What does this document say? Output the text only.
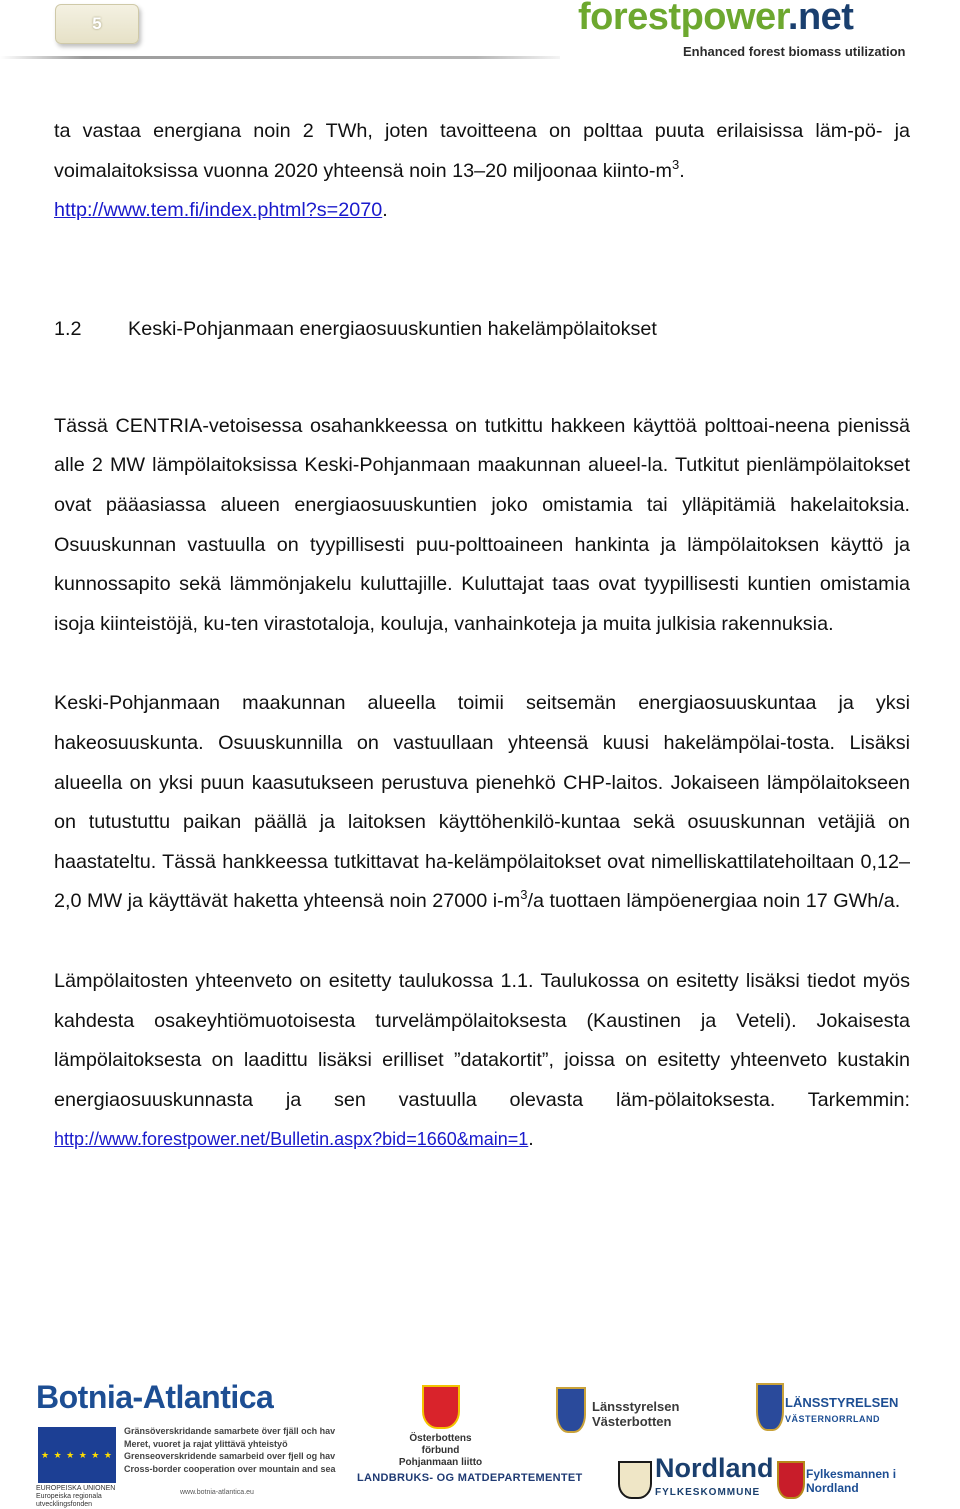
5	forestpower.net
Enhanced forest biomass utilization

ta vastaa energiana noin 2 TWh, joten tavoitteena on polttaa puuta erilaisissa läm-pö- ja voimalaitoksissa vuonna 2020 yhteensä noin 13–20 miljoonaa kiinto-$m^3$.
http://www.tem.fi/index.phtml?s=2070.

1.2 Keski-Pohjanmaan energiaosuuskuntien hakelämpölaitokset

Tässä CENTRIA-vetoisessa osahankkeessa on tutkittu hakkeen käyttöä polttoai-neena pienissä alle 2 MW lämpölaitoksissa Keski-Pohjanmaan maakunnan alueel-la. Tutkitut pienlämpölaitokset ovat pääasiassa alueen energiaosuuskuntien joko omistamia tai ylläpitämiä hakelaitoksia. Osuuskunnan vastuulla on tyypillisesti puu-polttoaineen hankinta ja lämpölaitoksen käyttö ja kunnossapito sekä lämmönjakelu kuluttajille. Kuluttajat taas ovat tyypillisesti kuntien omistamia isoja kiinteistöjä, ku-ten virastotaloja, kouluja, vanhainkoteja ja muita julkisia rakennuksia.

Keski-Pohjanmaan maakunnan alueella toimii seitsemän energiaosuuskuntaa ja yksi hakeosuuskunta. Osuuskunnilla on vastuullaan yhteensä kuusi hakelämpölai-tosta. Lisäksi alueella on yksi puun kaasutukseen perustuva pienehkö CHP-laitos. Jokaiseen lämpölaitokseen on tutustuttu paikan päällä ja laitoksen käyttöhenkilö-kuntaa sekä osuuskunnan vetäjiä on haastateltu. Tässä hankkeessa tutkittavat ha-kelämpölaitokset ovat nimelliskattilatehoiltaan 0,12–2,0 MW ja käyttävät haketta yhteensä noin 27000 $i-m^3/a$ tuottaen lämpöenergiaa noin 17 GWh/a.

Lämpölaitosten yhteenveto on esitetty taulukossa 1.1. Taulukossa on esitetty lisäksi tiedot myös kahdesta osakeyhtiömuotoisesta turvelämpölaitoksesta (Kaustinen ja Veteli). Jokaisesta lämpölaitoksesta on laadittu lisäksi erilliset ”datakortit”, joissa on esitetty yhteenveto kustakin energiaosuuskunnasta ja sen vastuulla olevasta läm-pölaitoksesta. Tarkemmin: http://www.forestpower.net/Bulletin.aspx?bid=1660&main=1.

Botnia-Atlantica
★ ★ ★ ★ ★ ★
EUROPEISKA UNIONEN Europeiska regionala utvecklingsfonden
Gränsöverskridande samarbete över fjäll och hav Meret, vuoret ja rajat ylittävä yhteistyö Grenseoverskridende samarbeid over fjell og hav Cross-border cooperation over mountain and sea
www.botnia-atlantica.eu
Österbottens förbund Pohjanmaan liitto
Länsstyrelsen
Västerbotten
LÄNSSTYRELSEN
VÄSTERNORRLAND
LANDBRUKS- OG MATDEPARTEMENTET	Nordland
FYLKESKOMMUNE
Fylkesmannen i
Nordland
